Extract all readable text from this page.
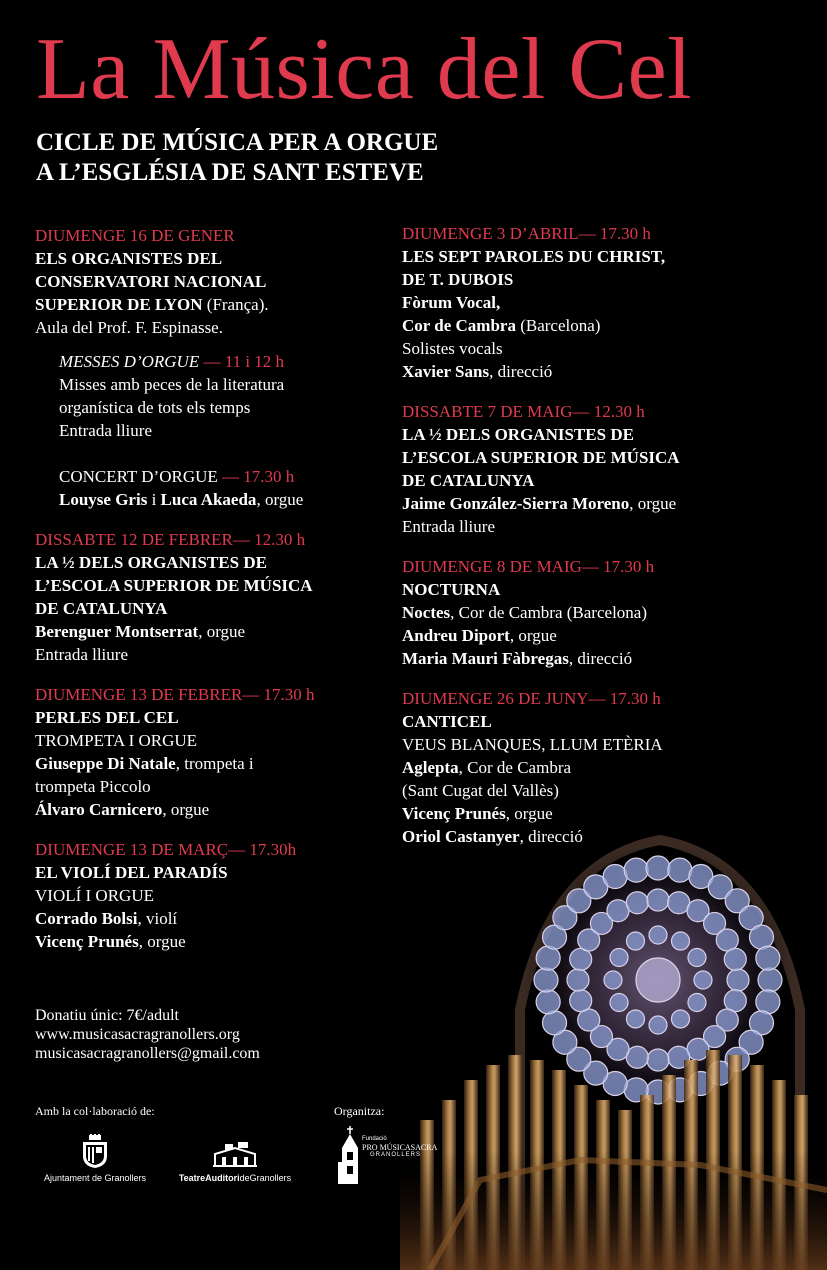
La Música del Cel
CICLE DE MÚSICA PER A ORGUE
A L’ESGLÉSIA DE SANT ESTEVE
DIUMENGE 16 DE GENER
ELS ORGANISTES DEL
CONSERVATORI NACIONAL
SUPERIOR DE LYON (França).
Aula del Prof. F. Espinasse.
MESSES D’ORGUE — 11 i 12 h
Misses amb peces de la literatura
organística de tots els temps
Entrada lliure
CONCERT D’ORGUE — 17.30 h
Louyse Gris i Luca Akaeda, orgue
DISSABTE 12 DE FEBRER— 12.30 h
LA ½ DELS ORGANISTES DE
L’ESCOLA SUPERIOR DE MÚSICA
DE CATALUNYA
Berenguer Montserrat, orgue
Entrada lliure
DIUMENGE 13 DE FEBRER— 17.30 h
PERLES DEL CEL
TROMPETA I ORGUE
Giuseppe Di Natale, trompeta i
trompeta Piccolo
Álvaro Carnicero, orgue
DIUMENGE 13 DE MARÇ— 17.30h
EL VIOLÍ DEL PARADÍS
VIOLÍ I ORGUE
Corrado Bolsi, violí
Vicenç Prunés, orgue
DIUMENGE 3 D’ABRIL— 17.30 h
LES SEPT PAROLES DU CHRIST,
DE T. DUBOIS
Fòrum Vocal,
Cor de Cambra (Barcelona)
Solistes vocals
Xavier Sans, direcció
DISSABTE 7 DE MAIG— 12.30 h
LA ½ DELS ORGANISTES DE
L’ESCOLA SUPERIOR DE MÚSICA
DE CATALUNYA
Jaime González-Sierra Moreno, orgue
Entrada lliure
DIUMENGE 8 DE MAIG— 17.30 h
NOCTURNA
Noctes, Cor de Cambra (Barcelona)
Andreu Diport, orgue
Maria Mauri Fàbregas, direcció
DIUMENGE 26 DE JUNY— 17.30 h
CANTICEL
VEUS BLANQUES, LLUM ETÈRIA
Aglepta, Cor de Cambra
(Sant Cugat del Vallès)
Vicenç Prunés, orgue
Oriol Castanyer, direcció
Donatiu únic: 7€/adult
www.musicasacragranollers.org
musicasacragranollers@gmail.com
Amb la col·laboració de:	Organitza:
Ajuntament de Granollers	TeatreAuditorideGranollers
Fundació
PRO MÚSICASACRA
GRANOLLERS
